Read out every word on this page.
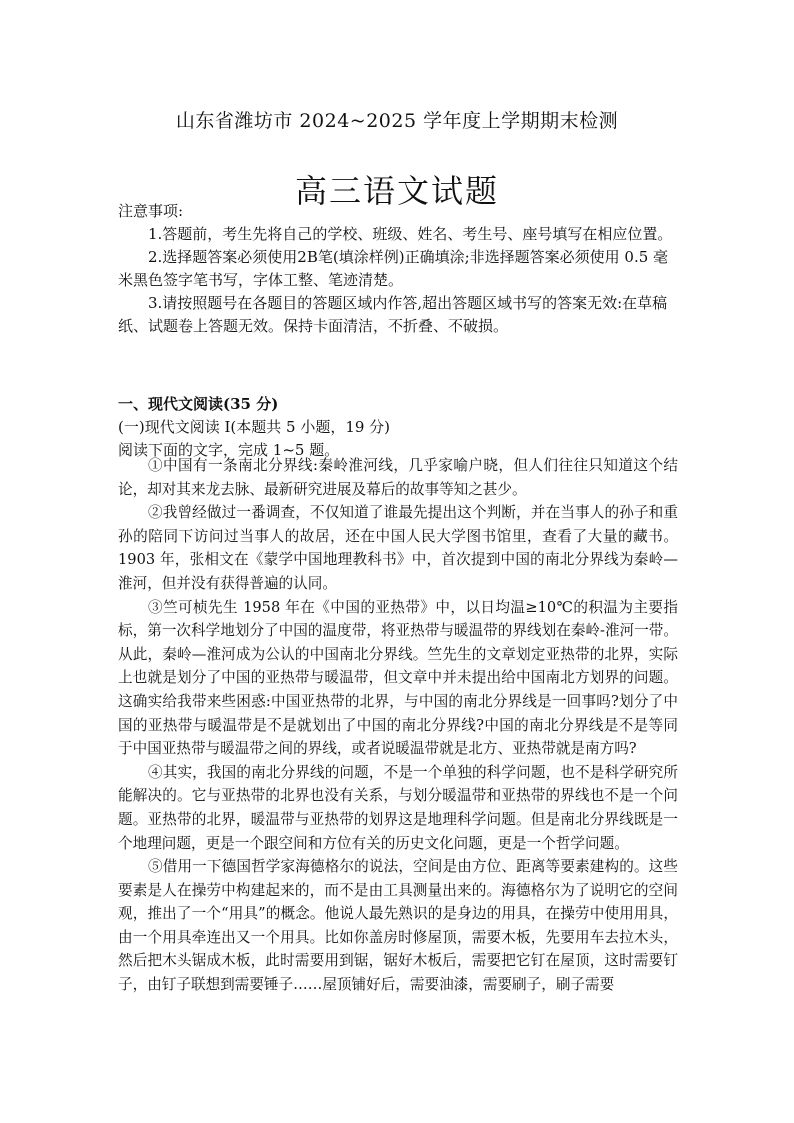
山东省潍坊市 2024~2025 学年度上学期期末检测
高三语文试题

注意事项:

1.答题前，考生先将自己的学校、班级、姓名、考生号、座号填写在相应位置。

2.选择题答案必须使用2B笔(填涂样例)正确填涂;非选择题答案必须使用 0.5 毫米黑色签字笔书写，字体工整、笔迹清楚。

3.请按照题号在各题目的答题区域内作答,超出答题区域书写的答案无效:在草稿纸、试题卷上答题无效。保持卡面清洁，不折叠、不破损。

一、现代文阅读(35 分)

(一)现代文阅读 I(本题共 5 小题，19 分)

阅读下面的文字，完成 1~5 题。

①中国有一条南北分界线:秦岭淮河线，几乎家喻户晓，但人们往往只知道这个结论，却对其来龙去脉、最新研究进展及幕后的故事等知之甚少。

②我曾经做过一番调查，不仅知道了谁最先提出这个判断，并在当事人的孙子和重孙的陪同下访问过当事人的故居，还在中国人民大学图书馆里，查看了大量的藏书。1903 年，张相文在《蒙学中国地理教科书》中，首次提到中国的南北分界线为秦岭—淮河，但并没有获得普遍的认同。

③竺可桢先生 1958 年在《中国的亚热带》中，以日均温≥10℃的积温为主要指标，第一次科学地划分了中国的温度带，将亚热带与暖温带的界线划在秦岭-淮河一带。从此，秦岭—淮河成为公认的中国南北分界线。竺先生的文章划定亚热带的北界，实际上也就是划分了中国的亚热带与暖温带，但文章中并未提出给中国南北方划界的问题。这确实给我带来些困惑:中国亚热带的北界，与中国的南北分界线是一回事吗?划分了中国的亚热带与暖温带是不是就划出了中国的南北分界线?中国的南北分界线是不是等同于中国亚热带与暖温带之间的界线，或者说暖温带就是北方、亚热带就是南方吗?

④其实，我国的南北分界线的问题，不是一个单独的科学问题，也不是科学研究所能解决的。它与亚热带的北界也没有关系，与划分暖温带和亚热带的界线也不是一个问题。亚热带的北界，暖温带与亚热带的划界这是地理科学问题。但是南北分界线既是一个地理问题，更是一个跟空间和方位有关的历史文化问题，更是一个哲学问题。

⑤借用一下德国哲学家海德格尔的说法，空间是由方位、距离等要素建构的。这些要素是人在操劳中构建起来的，而不是由工具测量出来的。海德格尔为了说明它的空间观，推出了一个“用具”的概念。他说人最先熟识的是身边的用具，在操劳中使用用具，由一个用具牵连出又一个用具。比如你盖房时修屋顶，需要木板，先要用车去拉木头，然后把木头锯成木板，此时需要用到锯，锯好木板后，需要把它钉在屋顶，这时需要钉子，由钉子联想到需要锤子……屋顶铺好后，需要油漆，需要刷子，刷子需要
